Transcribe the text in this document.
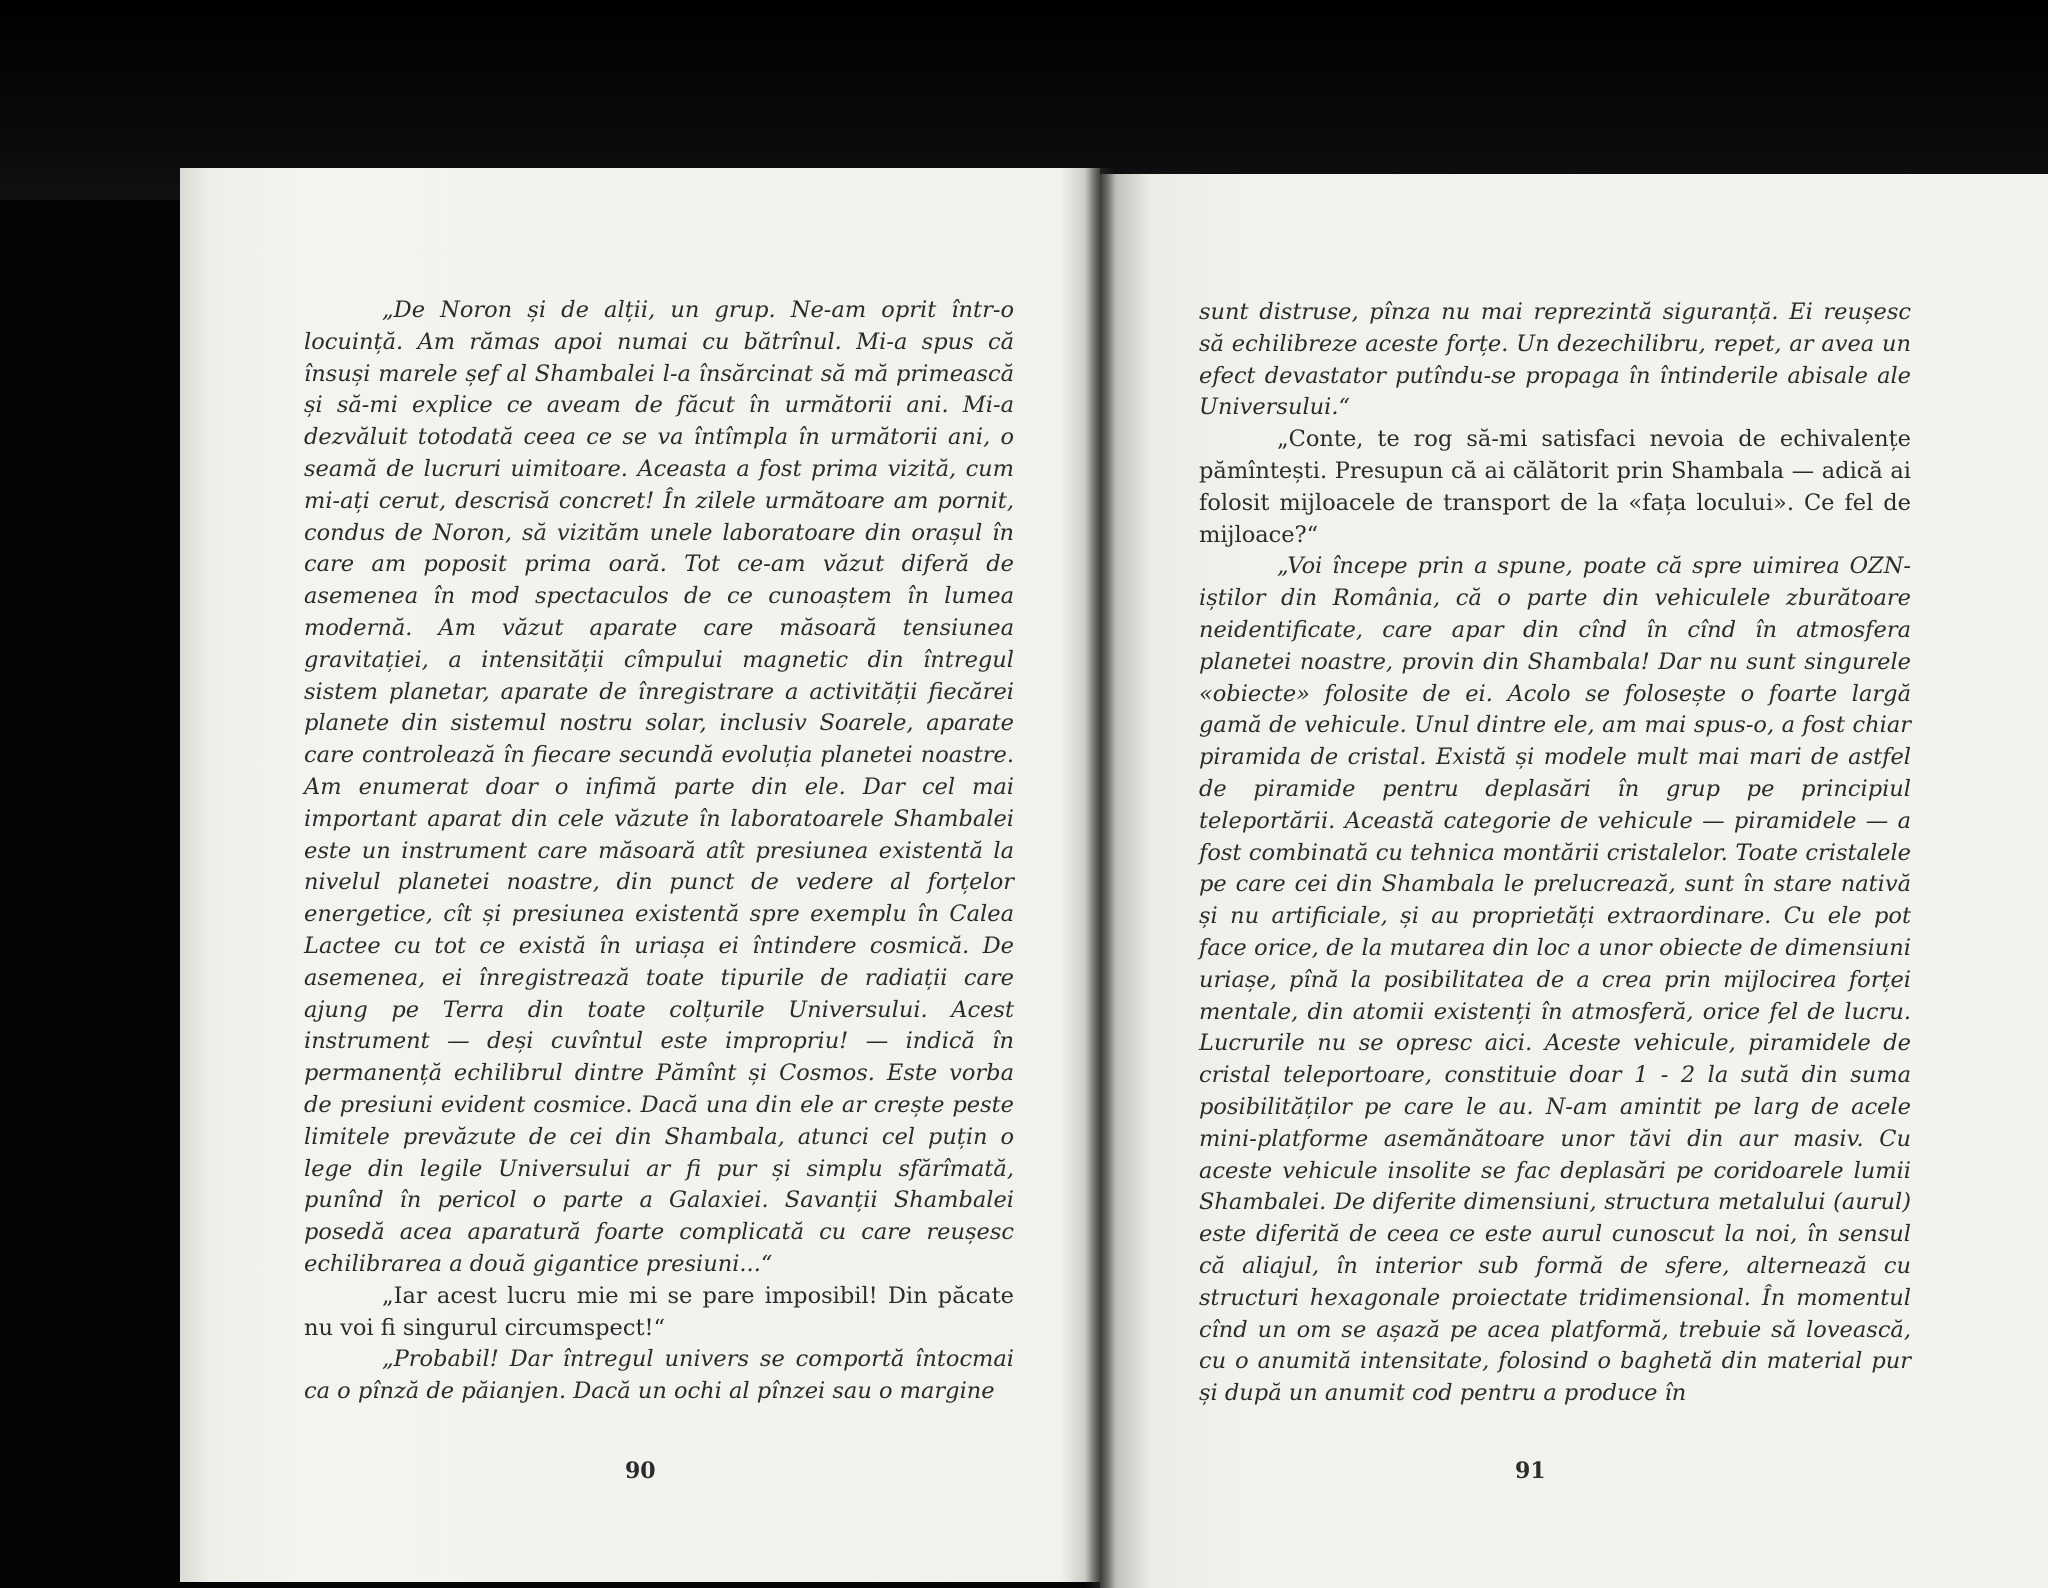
„De Noron și de alții, un grup. Ne-am oprit într-o locuință. Am rămas apoi numai cu bătrînul. Mi-a spus că însuși marele șef al Shambalei l-a însărcinat să mă primească și să-mi explice ce aveam de făcut în următorii ani. Mi-a dezvăluit totodată ceea ce se va întîmpla în următorii ani, o seamă de lucruri uimitoare. Aceasta a fost prima vizită, cum mi-ați cerut, descrisă concret! În zilele următoare am pornit, condus de Noron, să vizităm unele laboratoare din orașul în care am poposit prima oară. Tot ce-am văzut diferă de asemenea în mod spectaculos de ce cunoaștem în lumea modernă. Am văzut aparate care măsoară tensiunea gravitației, a intensității cîmpului magnetic din întregul sistem planetar, aparate de înregistrare a activității fiecărei planete din sistemul nostru solar, inclusiv Soarele, aparate care controlează în fiecare secundă evoluția planetei noastre. Am enumerat doar o infimă parte din ele. Dar cel mai important aparat din cele văzute în laboratoarele Shambalei este un instrument care măsoară atît presiunea existentă la nivelul planetei noastre, din punct de vedere al forțelor energetice, cît și presiunea existentă spre exemplu în Calea Lactee cu tot ce există în uriașa ei întindere cosmică. De asemenea, ei înregistrează toate tipurile de radiații care ajung pe Terra din toate colțurile Universului. Acest instrument — deși cuvîntul este impropriu! — indică în permanență echilibrul dintre Pămînt și Cosmos. Este vorba de presiuni evident cosmice. Dacă una din ele ar crește peste limitele prevăzute de cei din Shambala, atunci cel puțin o lege din legile Universului ar fi pur și simplu sfărîmată, punînd în pericol o parte a Galaxiei. Savanții Shambalei posedă acea aparatură foarte complicată cu care reușesc echilibrarea a două gigantice presiuni...“

„Iar acest lucru mie mi se pare imposibil! Din păcate nu voi fi singurul circumspect!“

„Probabil! Dar întregul univers se comportă întocmai ca o pînză de păianjen. Dacă un ochi al pînzei sau o margine

90

sunt distruse, pînza nu mai reprezintă siguranță. Ei reușesc să echilibreze aceste forțe. Un dezechilibru, repet, ar avea un efect devastator putîndu-se propaga în întinderile abisale ale Universului.“

„Conte, te rog să-mi satisfaci nevoia de echivalențe pămîntești. Presupun că ai călătorit prin Shambala — adică ai folosit mijloacele de transport de la «fața locului». Ce fel de mijloace?“

„Voi începe prin a spune, poate că spre uimirea OZN-iștilor din România, că o parte din vehiculele zburătoare neidentificate, care apar din cînd în cînd în atmosfera planetei noastre, provin din Shambala! Dar nu sunt singurele «obiecte» folosite de ei. Acolo se folosește o foarte largă gamă de vehicule. Unul dintre ele, am mai spus-o, a fost chiar piramida de cristal. Există și modele mult mai mari de astfel de piramide pentru deplasări în grup pe principiul teleportării. Această categorie de vehicule — piramidele — a fost combinată cu tehnica montării cristalelor. Toate cristalele pe care cei din Shambala le prelucrează, sunt în stare nativă și nu artificiale, și au proprietăți extraordinare. Cu ele pot face orice, de la mutarea din loc a unor obiecte de dimensiuni uriașe, pînă la posibilitatea de a crea prin mijlocirea forței mentale, din atomii existenți în atmosferă, orice fel de lucru. Lucrurile nu se opresc aici. Aceste vehicule, piramidele de cristal teleportoare, constituie doar 1 - 2 la sută din suma posibilităților pe care le au. N-am amintit pe larg de acele mini-platforme asemănătoare unor tăvi din aur masiv. Cu aceste vehicule insolite se fac deplasări pe coridoarele lumii Shambalei. De diferite dimensiuni, structura metalului (aurul) este diferită de ceea ce este aurul cunoscut la noi, în sensul că aliajul, în interior sub formă de sfere, alternează cu structuri hexagonale proiectate tridimensional. În momentul cînd un om se așază pe acea platformă, trebuie să lovească, cu o anumită intensitate, folosind o baghetă din material pur și după un anumit cod pentru a produce în

91
